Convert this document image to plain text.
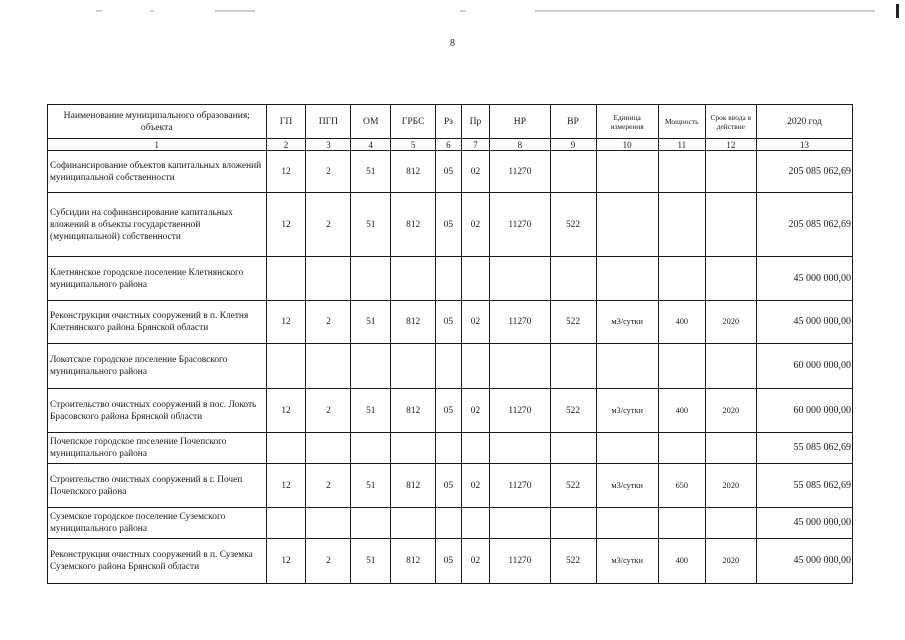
8
Наименование муниципального образования; объекта	ГП	ПГП	ОМ	ГРБС	Рз	Пр	НР	ВР	Единица измерения	Мощность	Срок ввода в действие	2020 год
1	2	3	4	5	6	7	8	9	10	11	12	13
Софинансирование объектов капитальных вложений муниципальной собственности	12	2	51	812	05	02	11270					205 085 062,69
Субсидии на софинансирование капитальных вложений в объекты государственной (муниципальной) собственности	12	2	51	812	05	02	11270	522				205 085 062,69
Клетнянское городское поселение Клетнянского муниципального района												45 000 000,00
Реконструкция очистных сооружений в п. Клетня Клетнянского района Брянской области	12	2	51	812	05	02	11270	522	м3/сутки	400	2020	45 000 000,00
Локотское городское поселение Брасовского муниципального района												60 000 000,00
Строительство очистных сооружений в пос. Локоть Брасовского района Брянской области	12	2	51	812	05	02	11270	522	м3/сутки	400	2020	60 000 000,00
Почепское городское поселение Почепского муниципального района												55 085 062,69
Строительство очистных сооружений в г. Почеп Почепского района	12	2	51	812	05	02	11270	522	м3/сутки	650	2020	55 085 062,69
Суземское городское поселение Суземского муниципального района												45 000 000,00
Реконструкция очистных сооружений в п. Суземка Суземского района Брянской области	12	2	51	812	05	02	11270	522	м3/сутки	400	2020	45 000 000,00
